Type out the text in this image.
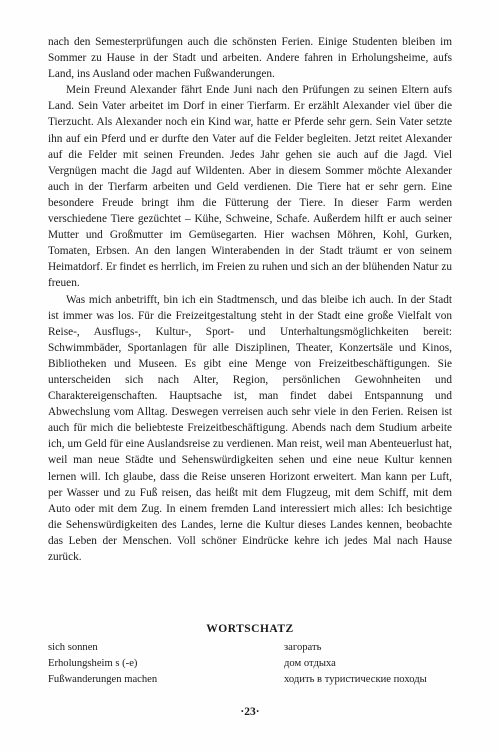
nach den Semesterprüfungen auch die schönsten Ferien. Einige Studenten bleiben im Sommer zu Hause in der Stadt und arbeiten. Andere fahren in Erholungsheime, aufs Land, ins Ausland oder machen Fußwanderungen.

Mein Freund Alexander fährt Ende Juni nach den Prüfungen zu seinen Eltern aufs Land. Sein Vater arbeitet im Dorf in einer Tierfarm. Er erzählt Alexander viel über die Tierzucht. Als Alexander noch ein Kind war, hatte er Pferde sehr gern. Sein Vater setzte ihn auf ein Pferd und er durfte den Vater auf die Felder begleiten. Jetzt reitet Alexander auf die Felder mit seinen Freunden. Jedes Jahr gehen sie auch auf die Jagd. Viel Vergnügen macht die Jagd auf Wildenten. Aber in diesem Sommer möchte Alexander auch in der Tierfarm arbeiten und Geld verdienen. Die Tiere hat er sehr gern. Eine besondere Freude bringt ihm die Fütterung der Tiere. In dieser Farm werden verschiedene Tiere gezüchtet – Kühe, Schweine, Schafe. Außerdem hilft er auch seiner Mutter und Großmutter im Gemüsegarten. Hier wachsen Möhren, Kohl, Gurken, Tomaten, Erbsen. An den langen Winterabenden in der Stadt träumt er von seinem Heimatdorf. Er findet es herrlich, im Freien zu ruhen und sich an der blühenden Natur zu freuen.

Was mich anbetrifft, bin ich ein Stadtmensch, und das bleibe ich auch. In der Stadt ist immer was los. Für die Freizeitgestaltung steht in der Stadt eine große Vielfalt von Reise-, Ausflugs-, Kultur-, Sport- und Unterhaltungsmöglichkeiten bereit: Schwimmbäder, Sportanlagen für alle Disziplinen, Theater, Konzertsäle und Kinos, Bibliotheken und Museen. Es gibt eine Menge von Freizeitbeschäftigungen. Sie unterscheiden sich nach Alter, Region, persönlichen Gewohnheiten und Charaktereigenschaften. Hauptsache ist, man findet dabei Entspannung und Abwechslung vom Alltag. Deswegen verreisen auch sehr viele in den Ferien. Reisen ist auch für mich die beliebteste Freizeitbeschäftigung. Abends nach dem Studium arbeite ich, um Geld für eine Auslandsreise zu verdienen. Man reist, weil man Abenteuerlust hat, weil man neue Städte und Sehenswürdigkeiten sehen und eine neue Kultur kennen lernen will. Ich glaube, dass die Reise unseren Horizont erweitert. Man kann per Luft, per Wasser und zu Fuß reisen, das heißt mit dem Flugzeug, mit dem Schiff, mit dem Auto oder mit dem Zug. In einem fremden Land interessiert mich alles: Ich besichtige die Sehenswürdigkeiten des Landes, lerne die Kultur dieses Landes kennen, beobachte das Leben der Menschen. Voll schöner Eindrücke kehre ich jedes Mal nach Hause zurück.

WORTSCHATZ
sich sonnen	загорать
Erholungsheim s (-e)	дом отдыха
Fußwanderungen machen	ходить в туристические походы
·23·
